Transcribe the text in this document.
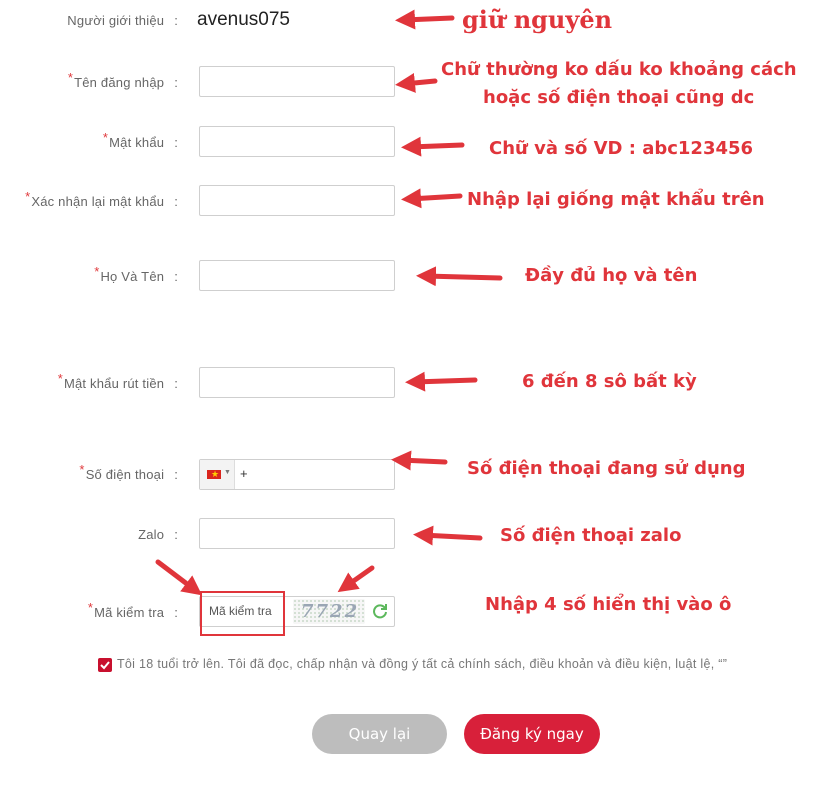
Người giới thiệu : avenus075
*Tên đăng nhập :
*Mật khẩu :
*Xác nhận lại mật khẩu :
*Họ Và Tên :
*Mật khẩu rút tiền :
*Số điện thoại :	★ ▼ +
Zalo :
*Mã kiểm tra :	Mã kiểm tra 7722
Tôi 18 tuổi trở lên. Tôi đã đọc, chấp nhận và đồng ý tất cả chính sách, điều khoản và điều kiện, luật lệ, “”
Quay lại	Đăng ký ngay
giữ nguyên
Chữ thường ko dấu ko khoảng cách
hoặc số điện thoại cũng dc
Chữ và số VD : abc123456
Nhập lại giống mật khẩu trên
Đầy đủ họ và tên
6 đến 8 sô bất kỳ
Số điện thoại đang sử dụng
Số điện thoại zalo
Nhập 4 số hiển thị vào ô
